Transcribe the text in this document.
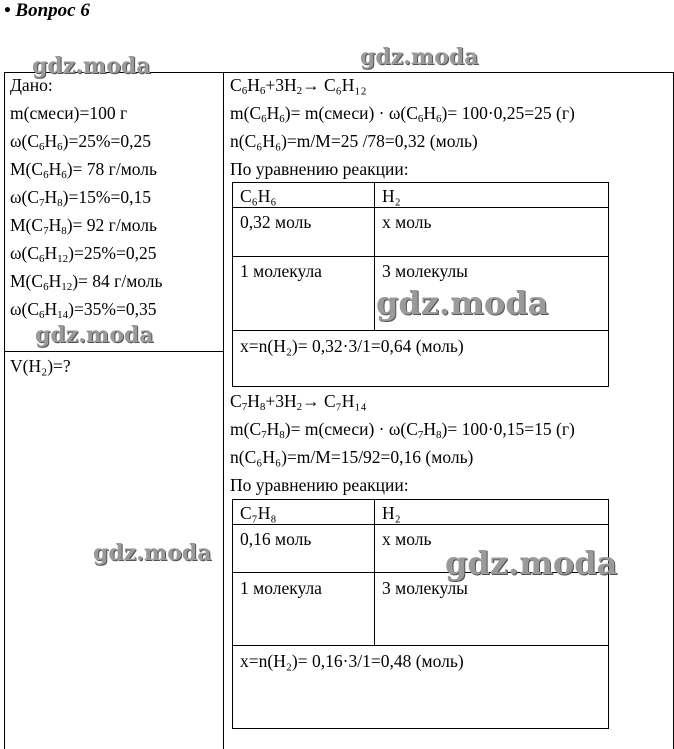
• Вопрос 6
Дано:
m(смеси)=100 г
$\omega(C_6H_6)=25\%=0,25$
$M(C_6H_6)= 78$ г/моль
$\omega(C_7H_8)=15\%=0,15$
$M(C_7H_8)= 92$ г/моль
$\omega(C_6H_{12})=25\%=0,25$
$M(C_6H_{12})= 84$ г/моль
$\omega(C_6H_{14})=35\%=0,35$
V(H₂)=?
$C_6H_6+3H_2\to C_6H_{12}$
$m(C_6H_6)=$ m(смеси) · $\omega(C_6H_6)= 100\cdot 0,25=25$ (г)
n(C₆H₆)=m/M=25 /78=0,32 (моль)
По уравнению реакции:
C₆H₆	H₂
0,32 моль	x моль
1 молекула	3 молекулы
x=n(H₂)= 0,32·3/1=0,64 (моль)
$C_7H_8+3H_2\to C_7H_{14}$
$m(C_7H_8)=$ m(смеси) · $\omega(C_7H_8)= 100\cdot 0,15=15$ (г)
n(C₆H₆)=m/M=15/92=0,16 (моль)
По уравнению реакции:
C₇H₈	H₂
0,16 моль	x моль
1 молекула	3 молекулы
x=n(H₂)= 0,16·3/1=0,48 (моль)
gdz.moda	gdz.moda
gdz.moda
gdz.moda
gdz.moda	gdz.moda
